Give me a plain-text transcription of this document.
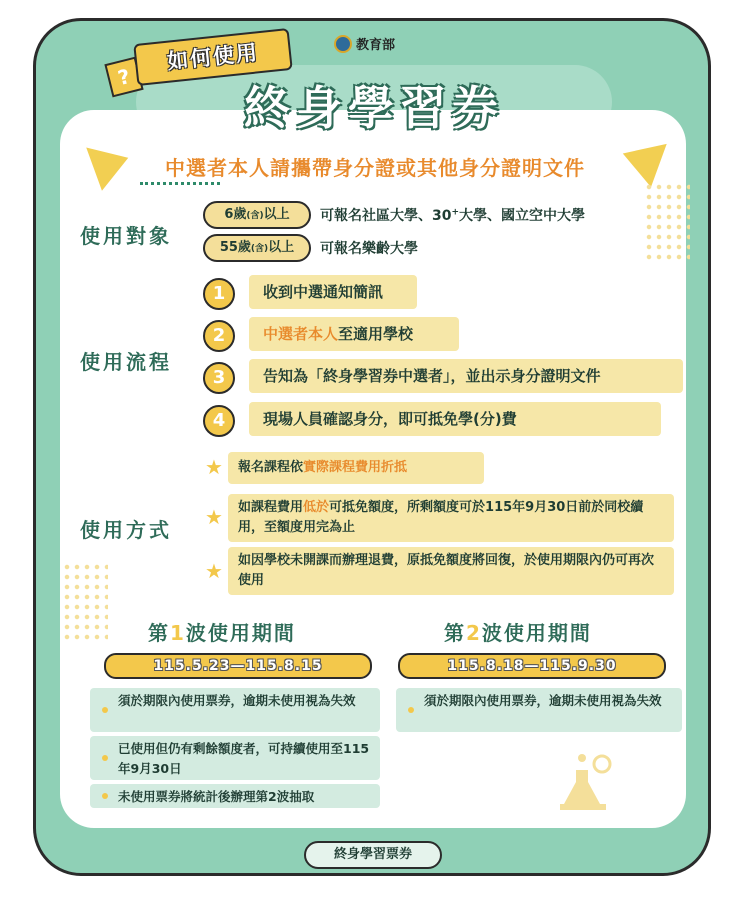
教育部
?
如何使用
終身學習券
中選者本人請攜帶身分證或其他身分證明文件
使用對象
6歲(含)以上	可報名社區大學、30+大學、國立空中大學
55歲(含)以上	可報名樂齡大學
使用流程
1	收到中選通知簡訊
2	中選者本人至適用學校
3	告知為「終身學習券中選者」，並出示身分證明文件
4	現場人員確認身分，即可抵免學(分)費
使用方式
★	報名課程依實際課程費用折抵
★	如課程費用低於可抵免額度，所剩額度可於115年9月30日前於同校續用，至額度用完為止
★	如因學校未開課而辦理退費，原抵免額度將回復，於使用期限內仍可再次使用
第1波使用期間
115.5.23—115.8.15
須於期限內使用票券，逾期未使用視為失效
已使用但仍有剩餘額度者，可持續使用至115年9月30日
未使用票券將統計後辦理第2波抽取
第2波使用期間
115.8.18—115.9.30
須於期限內使用票券，逾期未使用視為失效
終身學習票券
